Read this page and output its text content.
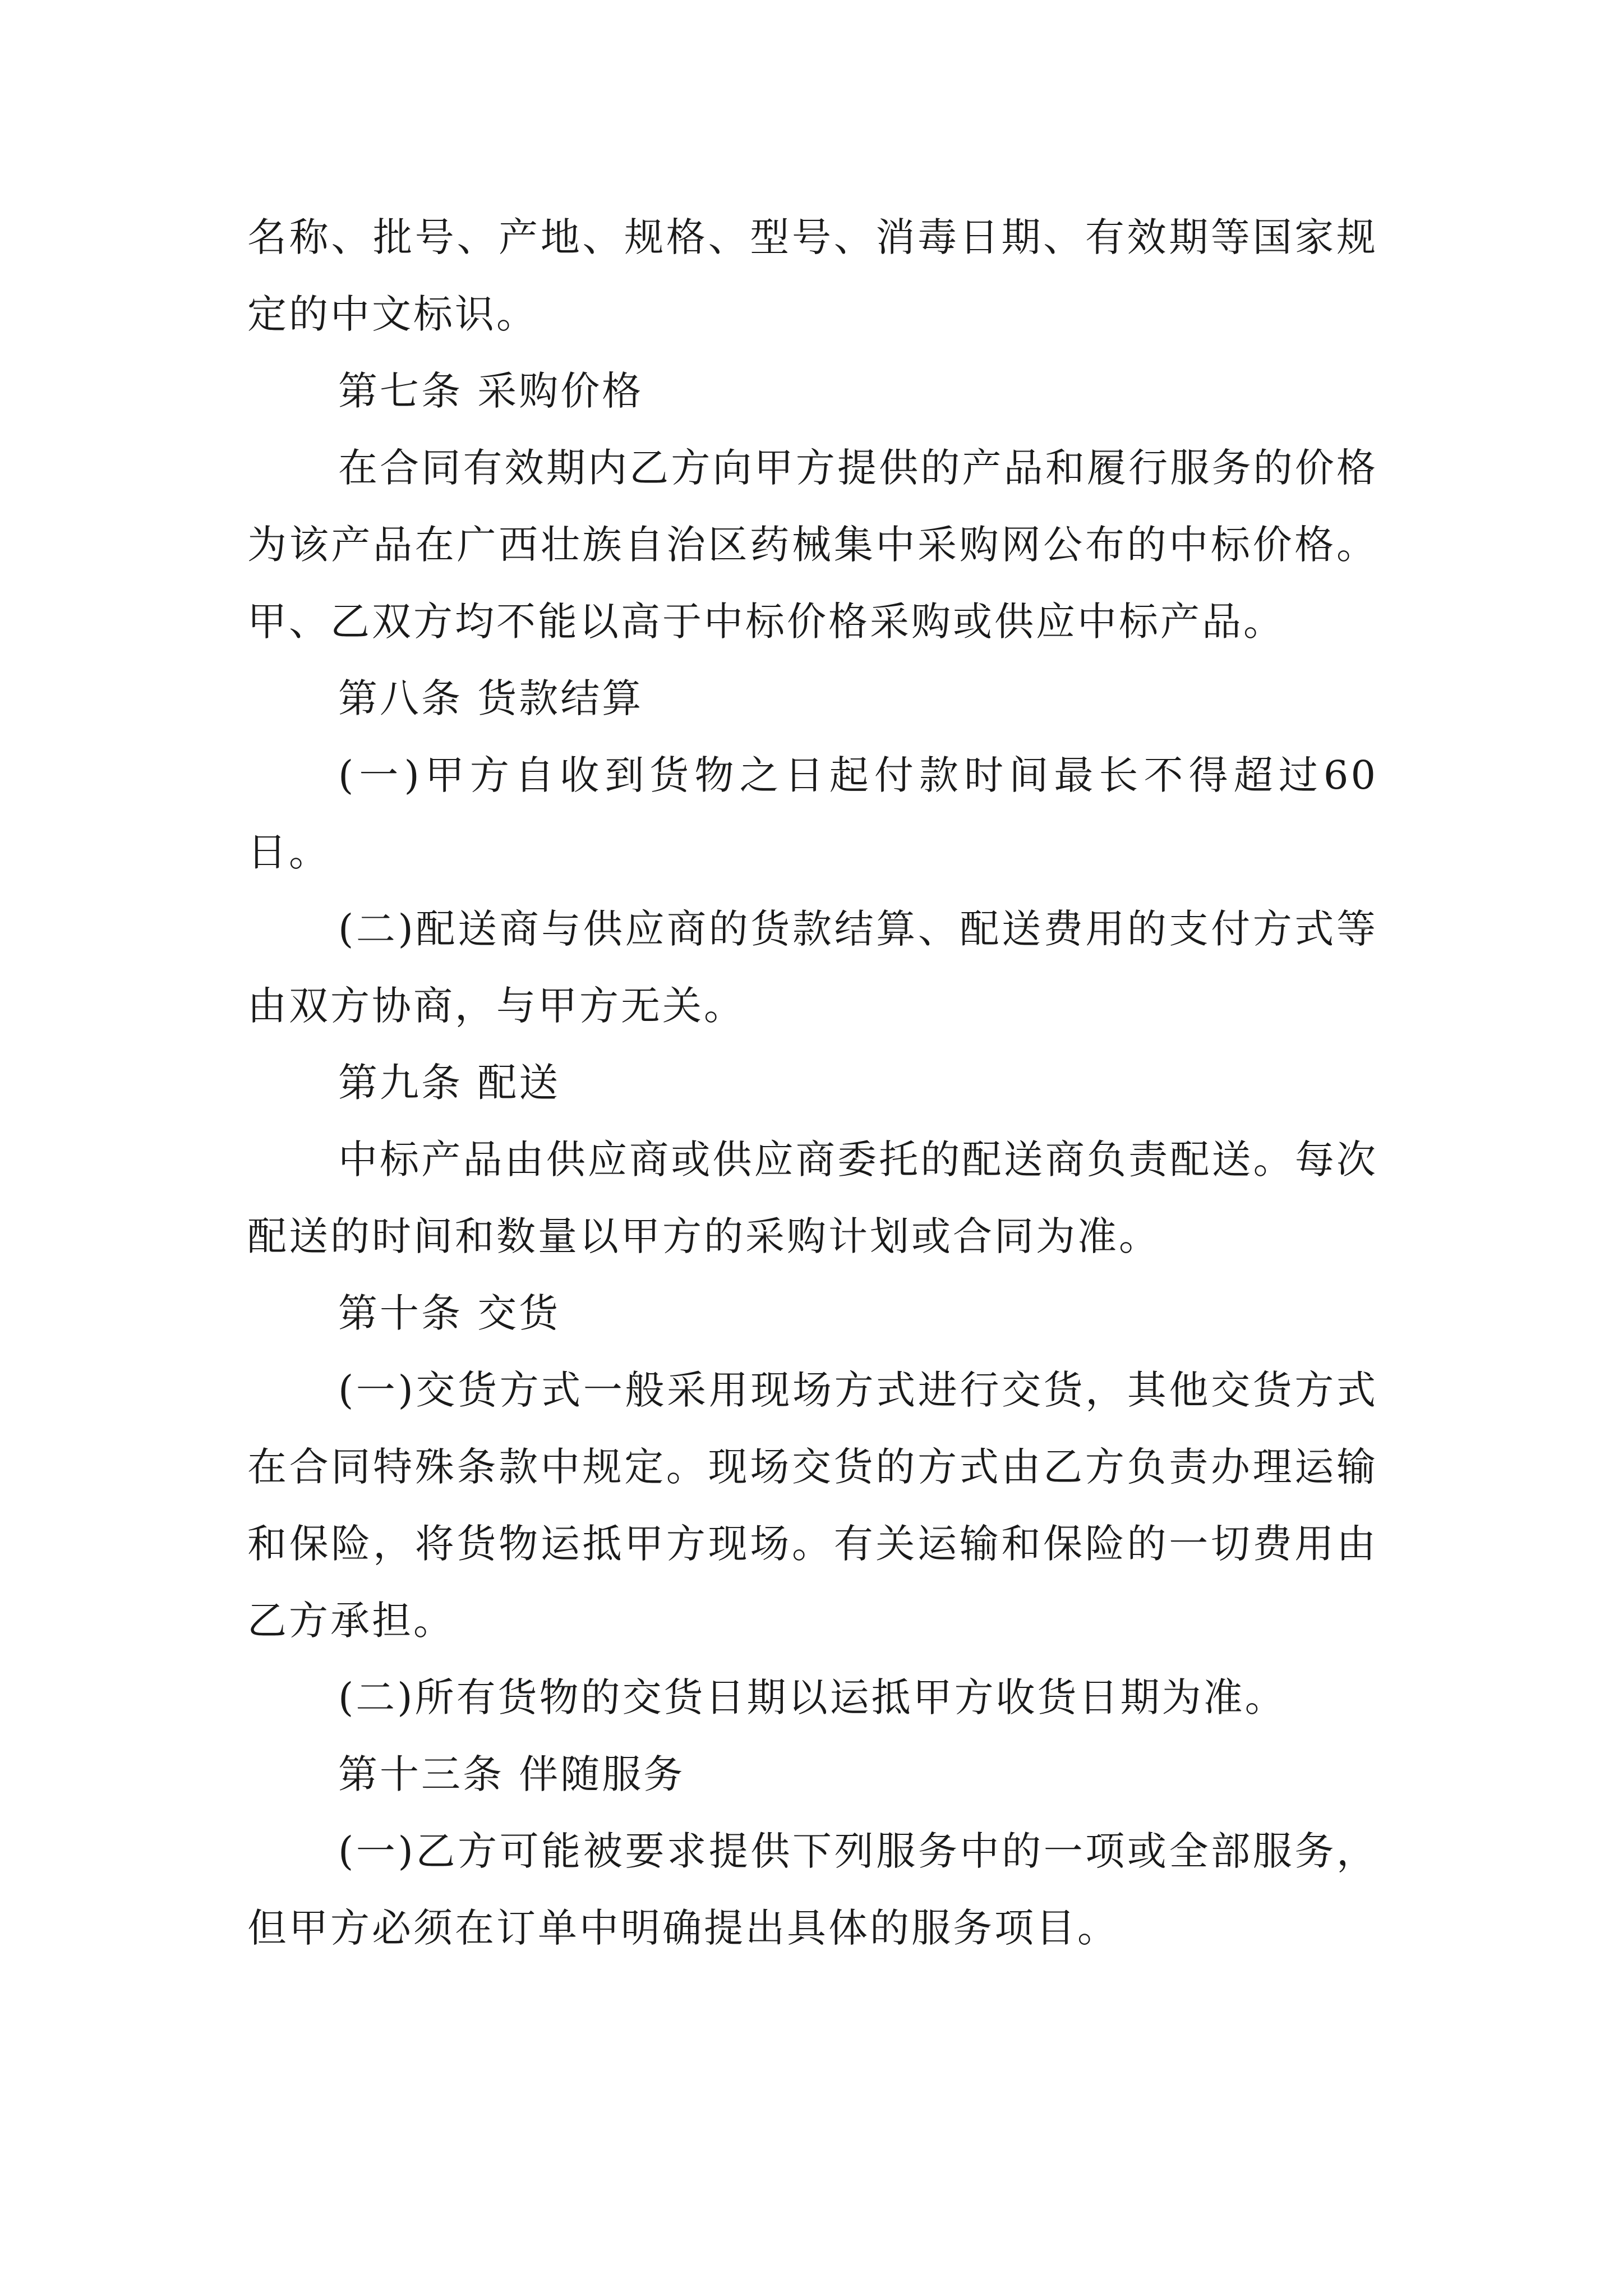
名称、批号、产地、规格、型号、消毒日期、有效期等国家规定的中文标识。

第七条 采购价格

在合同有效期内乙方向甲方提供的产品和履行服务的价格为该产品在广西壮族自治区药械集中采购网公布的中标价格。甲、乙双方均不能以高于中标价格采购或供应中标产品。

第八条 货款结算

(一)甲方自收到货物之日起付款时间最长不得超过60日。

(二)配送商与供应商的货款结算、配送费用的支付方式等由双方协商，与甲方无关。

第九条 配送

中标产品由供应商或供应商委托的配送商负责配送。每次配送的时间和数量以甲方的采购计划或合同为准。

第十条 交货

(一)交货方式一般采用现场方式进行交货，其他交货方式在合同特殊条款中规定。现场交货的方式由乙方负责办理运输和保险，将货物运抵甲方现场。有关运输和保险的一切费用由乙方承担。

(二)所有货物的交货日期以运抵甲方收货日期为准。

第十三条 伴随服务

(一)乙方可能被要求提供下列服务中的一项或全部服务，但甲方必须在订单中明确提出具体的服务项目。
